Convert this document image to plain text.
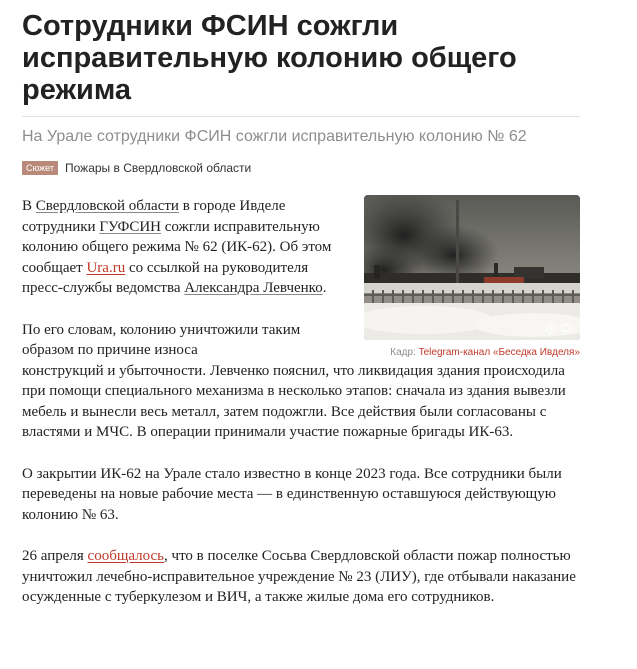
Сотрудники ФСИН сожгли исправительную колонию общего режима

На Урале сотрудники ФСИН сожгли исправительную колонию № 62

Сюжет Пожары в Свердловской области
Кадр: Telegram-канал «Беседка Ивделя»

В Свердловской области в городе Ивделе сотрудники ГУФСИН сожгли исправительную колонию общего режима № 62 (ИК-62). Об этом сообщает Ura.ru со ссылкой на руководителя пресс-службы ведомства Александра Левченко.

По его словам, колонию уничтожили таким образом по причине износа
конструкций и убыточности. Левченко пояснил, что ликвидация здания происходила при помощи специального механизма в несколько этапов: сначала из здания вывезли мебель и вынесли весь металл, затем подожгли. Все действия были согласованы с властями и МЧС. В операции принимали участие пожарные бригады ИК-63.

О закрытии ИК-62 на Урале стало известно в конце 2023 года. Все сотрудники были переведены на новые рабочие места — в единственную оставшуюся действующую колонию № 63.

26 апреля сообщалось, что в поселке Сосьва Свердловской области пожар полностью уничтожил лечебно-исправительное учреждение № 23 (ЛИУ), где отбывали наказание осужденные с туберкулезом и ВИЧ, а также жилые дома его сотрудников.
